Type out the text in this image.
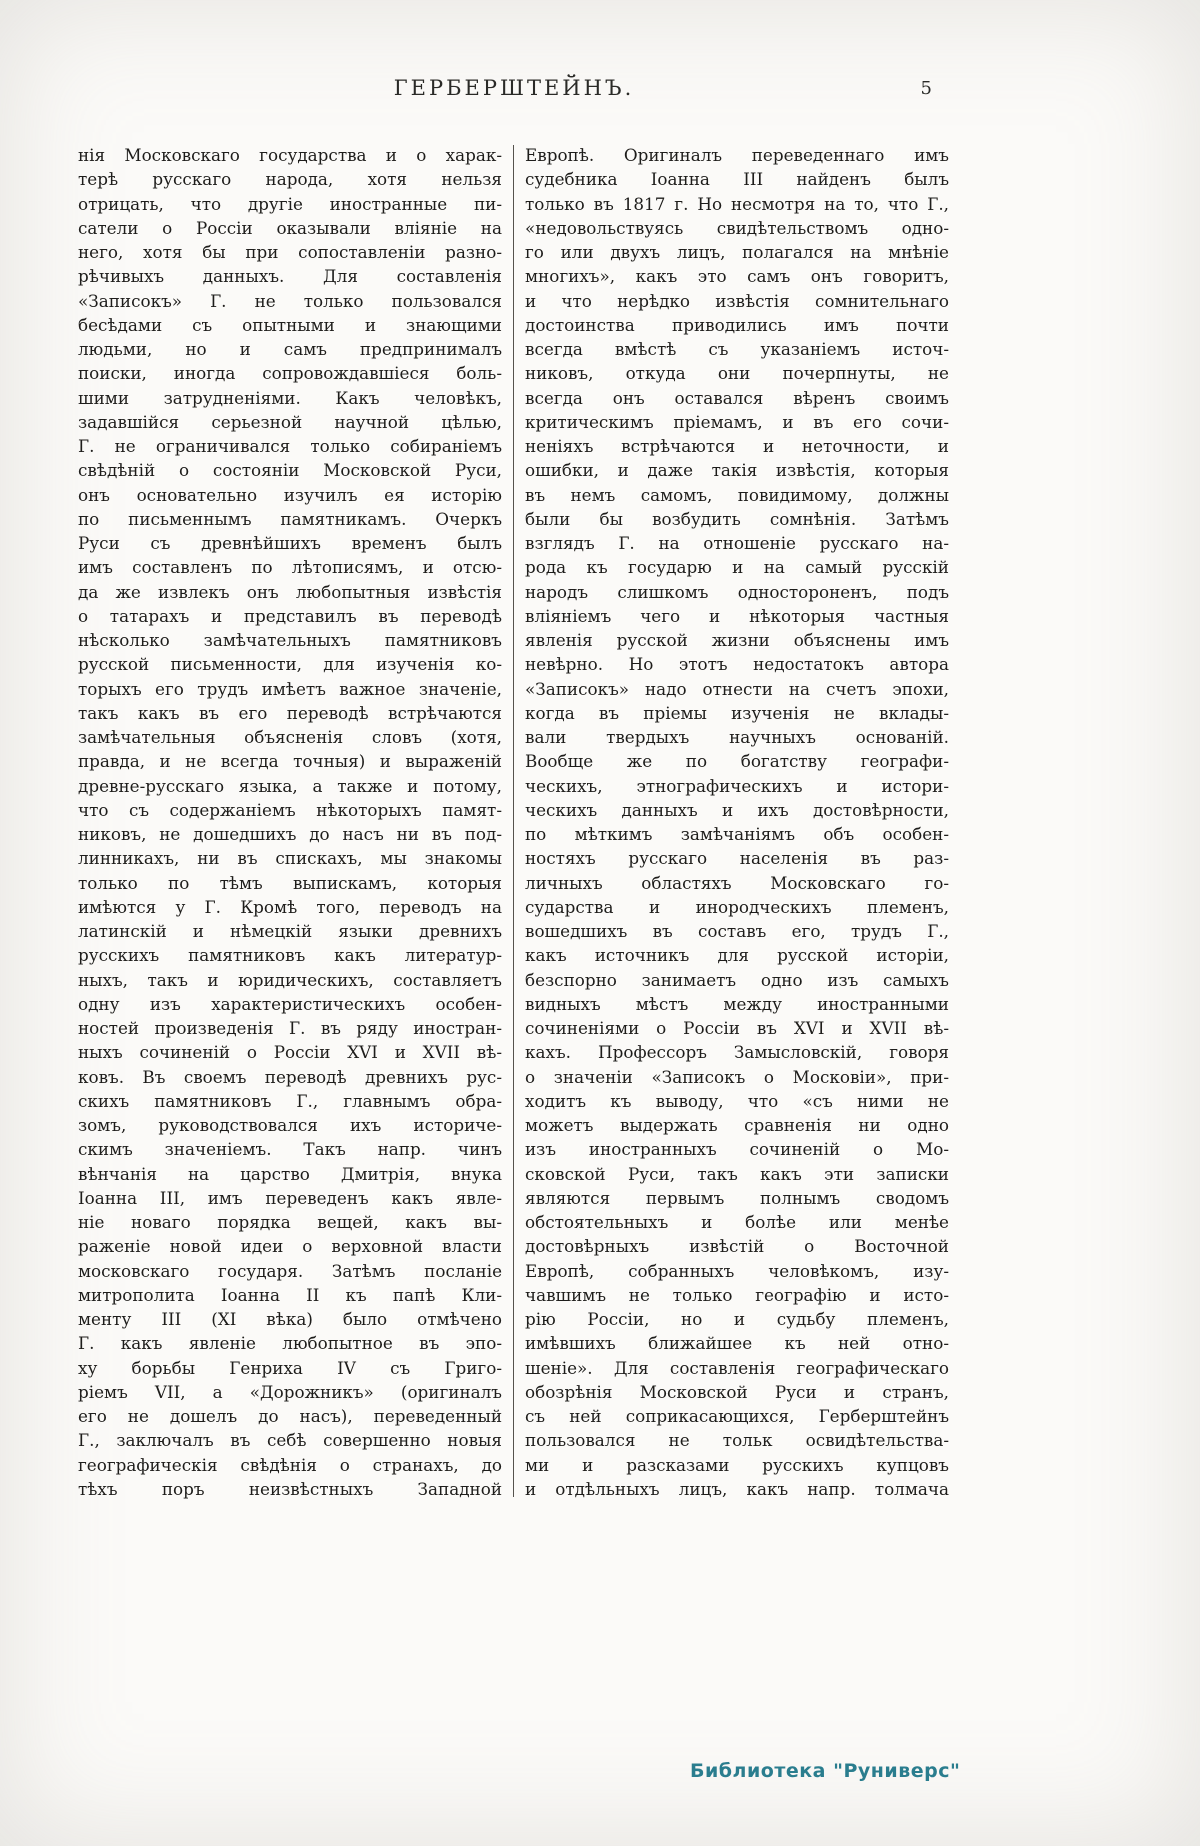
ГЕРБЕРШТЕЙНЪ.	5
нія Московскаго государства и о харак-
терѣ русскаго народа, хотя нельзя
отрицать, что другіе иностранные пи-
сатели о Россіи оказывали вліяніе на
него, хотя бы при сопоставленіи разно-
рѣчивыхъ данныхъ. Для составленія
«Записокъ» Г. не только пользовался
бесѣдами съ опытными и знающими
людьми, но и самъ предпринималъ
поиски, иногда сопровождавшіеся боль-
шими затрудненіями. Какъ человѣкъ,
задавшійся серьезной научной цѣлью,
Г. не ограничивался только собираніемъ
свѣдѣній о состояніи Московской Руси,
онъ основательно изучилъ ея исторію
по письменнымъ памятникамъ. Очеркъ
Руси съ древнѣйшихъ временъ былъ
имъ составленъ по лѣтописямъ, и отсю-
да же извлекъ онъ любопытныя извѣстія
о татарахъ и представилъ въ переводѣ
нѣсколько замѣчательныхъ памятниковъ
русской письменности, для изученія ко-
торыхъ его трудъ имѣетъ важное значеніе,
такъ какъ въ его переводѣ встрѣчаются
замѣчательныя объясненія словъ (хотя,
правда, и не всегда точныя) и выраженій
древне-русскаго языка, а также и потому,
что съ содержаніемъ нѣкоторыхъ памят-
никовъ, не дошедшихъ до насъ ни въ под-
линникахъ, ни въ спискахъ, мы знакомы
только по тѣмъ выпискамъ, которыя
имѣются у Г. Кромѣ того, переводъ на
латинскій и нѣмецкій языки древнихъ
русскихъ памятниковъ какъ литератур-
ныхъ, такъ и юридическихъ, составляетъ
одну изъ характеристическихъ особен-
ностей произведенія Г. въ ряду иностран-
ныхъ сочиненій о Россіи XVI и XVII вѣ-
ковъ. Въ своемъ переводѣ древнихъ рус-
скихъ памятниковъ Г., главнымъ обра-
зомъ, руководствовался ихъ историче-
скимъ значеніемъ. Такъ напр. чинъ
вѣнчанія на царство Дмитрія, внука
Іоанна III, имъ переведенъ какъ явле-
ніе новаго порядка вещей, какъ вы-
раженіе новой идеи о верховной власти
московскаго государя. Затѣмъ посланіе
митрополита Іоанна II къ папѣ Кли-
менту III (XI вѣка) было отмѣчено
Г. какъ явленіе любопытное въ эпо-
ху борьбы Генриха IV съ Григо-
ріемъ VII, а «Дорожникъ» (оригиналъ
его не дошелъ до насъ), переведенный
Г., заключалъ въ себѣ совершенно новыя
географическія свѣдѣнія о странахъ, до
тѣхъ поръ неизвѣстныхъ Западной
Европѣ. Оригиналъ переведеннаго имъ
судебника Іоанна III найденъ былъ
только въ 1817 г. Но несмотря на то, что Г.,
«недовольствуясь свидѣтельствомъ одно-
го или двухъ лицъ, полагался на мнѣніе
многихъ», какъ это самъ онъ говоритъ,
и что нерѣдко извѣстія сомнительнаго
достоинства приводились имъ почти
всегда вмѣстѣ съ указаніемъ источ-
никовъ, откуда они почерпнуты, не
всегда онъ оставался вѣренъ своимъ
критическимъ пріемамъ, и въ его сочи-
неніяхъ встрѣчаются и неточности, и
ошибки, и даже такія извѣстія, которыя
въ немъ самомъ, повидимому, должны
были бы возбудить сомнѣнія. Затѣмъ
взглядъ Г. на отношеніе русскаго на-
рода къ государю и на самый русскій
народъ слишкомъ одностороненъ, подъ
вліяніемъ чего и нѣкоторыя частныя
явленія русской жизни объяснены имъ
невѣрно. Но этотъ недостатокъ автора
«Записокъ» надо отнести на счетъ эпохи,
когда въ пріемы изученія не вклады-
вали твердыхъ научныхъ основаній.
Вообще же по богатству географи-
ческихъ, этнографическихъ и истори-
ческихъ данныхъ и ихъ достовѣрности,
по мѣткимъ замѣчаніямъ объ особен-
ностяхъ русскаго населенія въ раз-
личныхъ областяхъ Московскаго го-
сударства и инородческихъ племенъ,
вошедшихъ въ составъ его, трудъ Г.,
какъ источникъ для русской исторіи,
безспорно занимаетъ одно изъ самыхъ
видныхъ мѣстъ между иностранными
сочиненіями о Россіи въ XVI и XVII вѣ-
кахъ. Профессоръ Замысловскій, говоря
о значеніи «Записокъ о Московіи», при-
ходитъ къ выводу, что «съ ними не
можетъ выдержать сравненія ни одно
изъ иностранныхъ сочиненій о Мо-
сковской Руси, такъ какъ эти записки
являются первымъ полнымъ сводомъ
обстоятельныхъ и болѣе или менѣе
достовѣрныхъ извѣстій о Восточной
Европѣ, собранныхъ человѣкомъ, изу-
чавшимъ не только географію и исто-
рію Россіи, но и судьбу племенъ,
имѣвшихъ ближайшее къ ней отно-
шеніе». Для составленія географическаго
обозрѣнія Московской Руси и странъ,
съ ней соприкасающихся, Герберштейнъ
пользовался не тольк освидѣтельства-
ми и разсказами русскихъ купцовъ
и отдѣльныхъ лицъ, какъ напр. толмача
Библиотека "Руниверс"
